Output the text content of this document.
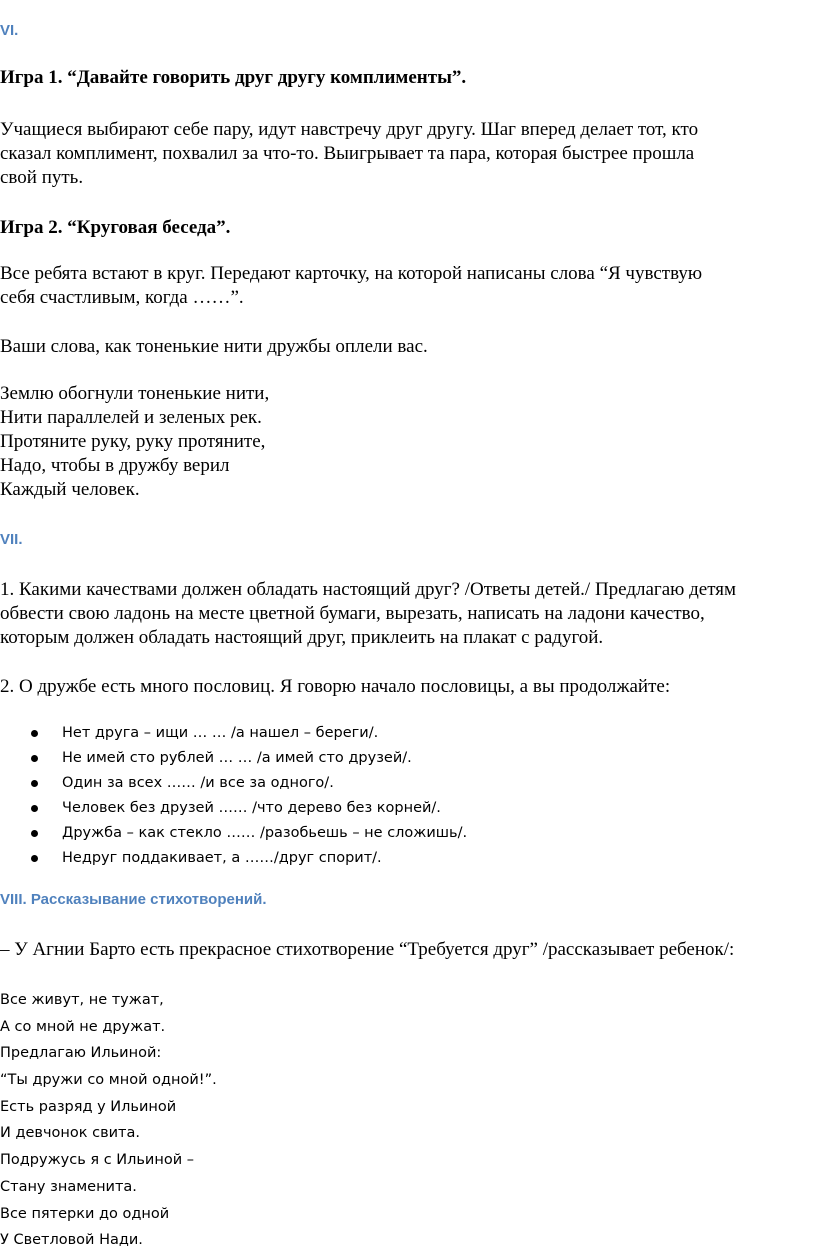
VI.
Игра 1. “Давайте говорить друг другу комплименты”.
Учащиеся выбирают себе пару, идут навстречу друг другу. Шаг вперед делает тот, кто
сказал комплимент, похвалил за что-то. Выигрывает та пара, которая быстрее прошла
свой путь.
Игра 2. “Круговая беседа”.
Все ребята встают в круг. Передают карточку, на которой написаны слова “Я чувствую
себя счастливым, когда ……”.
Ваши слова, как тоненькие нити дружбы оплели вас.
Землю обогнули тоненькие нити,
Нити параллелей и зеленых рек.
Протяните руку, руку протяните,
Надо, чтобы в дружбу верил
Каждый человек.
VII.
1. Какими качествами должен обладать настоящий друг? /Ответы детей./ Предлагаю детям
обвести свою ладонь на месте цветной бумаги, вырезать, написать на ладони качество,
которым должен обладать настоящий друг, приклеить на плакат с радугой.
2. О дружбе есть много пословиц. Я говорю начало пословицы, а вы продолжайте:
Нет друга – ищи … … /а нашел – береги/.
Не имей сто рублей … … /а имей сто друзей/.
Один за всех …… /и все за одного/.
Человек без друзей …… /что дерево без корней/.
Дружба – как стекло …… /разобьешь – не сложишь/.
Недруг поддакивает, а ……/друг спорит/.
VIII. Рассказывание стихотворений.
– У Агнии Барто есть прекрасное стихотворение “Требуется друг” /рассказывает ребенок/:
Все живут, не тужат,
А со мной не дружат.
Предлагаю Ильиной:
“Ты дружи со мной одной!”.
Есть разряд у Ильиной
И девчонок свита.
Подружусь я с Ильиной –
Стану знаменита.
Все пятерки до одной
У Светловой Нади.
